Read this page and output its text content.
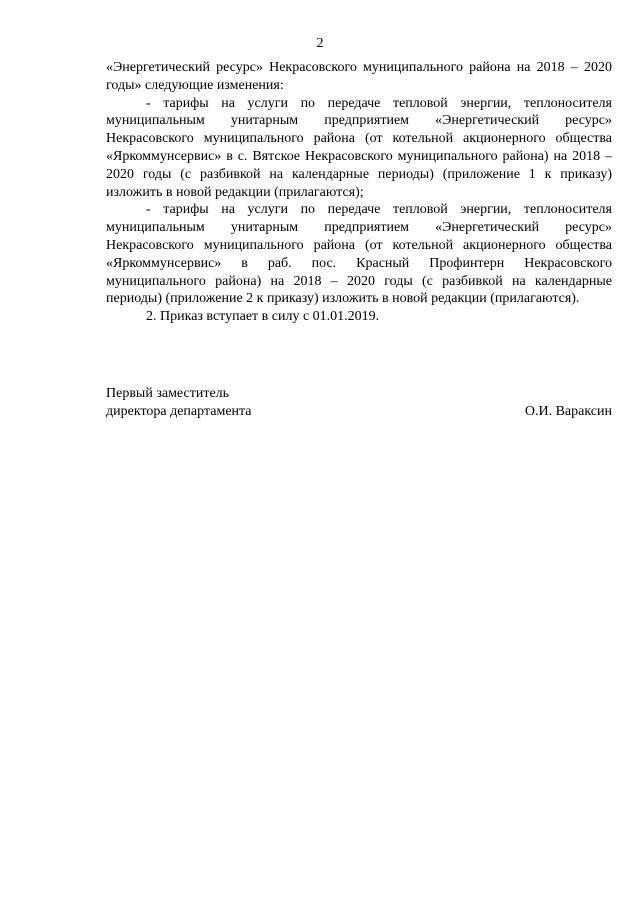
2

«Энергетический ресурс» Некрасовского муниципального района на 2018 – 2020 годы» следующие изменения:

- тарифы на услуги по передаче тепловой энергии, теплоносителя муниципальным унитарным предприятием «Энергетический ресурс» Некрасовского муниципального района (от котельной акционерного общества «Яркоммунсервис» в с. Вятское Некрасовского муниципального района) на 2018 – 2020 годы (с разбивкой на календарные периоды) (приложение 1 к приказу) изложить в новой редакции (прилагаются);

- тарифы на услуги по передаче тепловой энергии, теплоносителя муниципальным унитарным предприятием «Энергетический ресурс» Некрасовского муниципального района (от котельной акционерного общества «Яркоммунсервис» в раб. пос. Красный Профинтерн Некрасовского муниципального района) на 2018 – 2020 годы (с разбивкой на календарные периоды) (приложение 2 к приказу) изложить в новой редакции (прилагаются).

2. Приказ вступает в силу с 01.01.2019.

Первый заместитель
директора департамента	О.И. Вараксин
